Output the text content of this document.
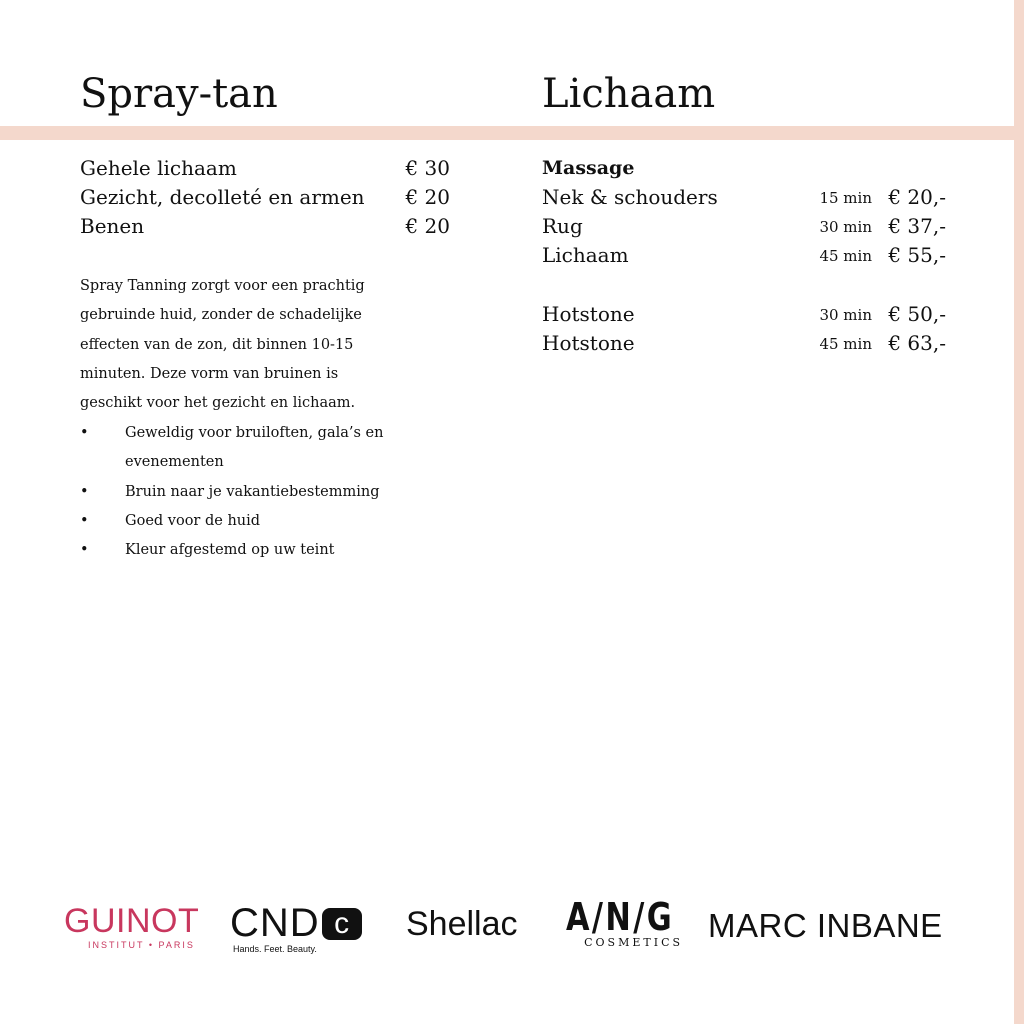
Spray-tan	Lichaam
Gehele lichaam	€ 30
Gezicht, decolleté en armen € 20
Benen	€ 20
Spray Tanning zorgt voor een prachtig
gebruinde huid, zonder de schadelijke
effecten van de zon, dit binnen 10-15
minuten. Deze vorm van bruinen is
geschikt voor het gezicht en lichaam.
•	Geweldig voor bruiloften, gala’s en evenementen
•	Bruin naar je vakantiebestemming
•	Goed voor de huid
•	Kleur afgestemd op uw teint
Massage
Nek & schouders	15 min € 20,-
Rug	30 min € 37,-
Lichaam	45 min € 55,-
Hotstone	30 min € 50,-
Hotstone	45 min € 63,-
GUINOT
INSTITUT • PARIS CND c
Hands. Feet. Beauty.
Shellac A/N/G
COSMETICS MARC INBANE
